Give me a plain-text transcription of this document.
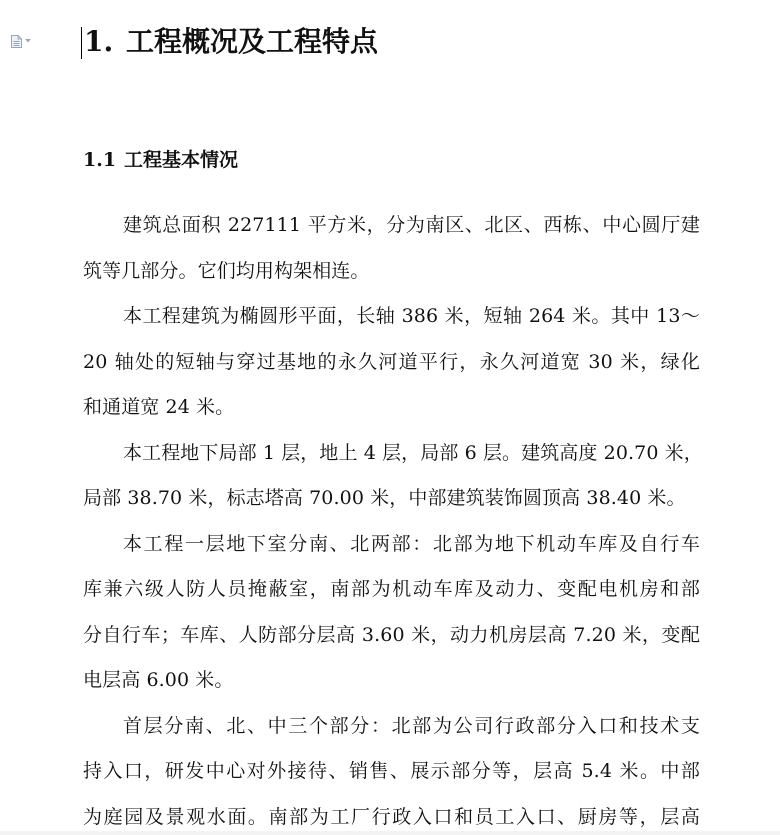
1. 工程概况及工程特点
1.1 工程基本情况

建筑总面积 227111 平方米，分为南区、北区、西栋、中心圆厅建
筑等几部分。它们均用构架相连。

本工程建筑为椭圆形平面，长轴 386 米，短轴 264 米。其中 13～
20 轴处的短轴与穿过基地的永久河道平行，永久河道宽 30 米，绿化
和通道宽 24 米。

本工程地下局部 1 层，地上 4 层，局部 6 层。建筑高度 20.70 米，
局部 38.70 米，标志塔高 70.00 米，中部建筑装饰圆顶高 38.40 米。

本工程一层地下室分南、北两部：北部为地下机动车库及自行车
库兼六级人防人员掩蔽室，南部为机动车库及动力、变配电机房和部
分自行车；车库、人防部分层高 3.60 米，动力机房层高 7.20 米，变配
电层高 6.00 米。

首层分南、北、中三个部分：北部为公司行政部分入口和技术支
持入口，研发中心对外接待、销售、展示部分等，层高 5.4 米。中部
为庭园及景观水面。南部为工厂行政入口和员工入口、厨房等，层高
